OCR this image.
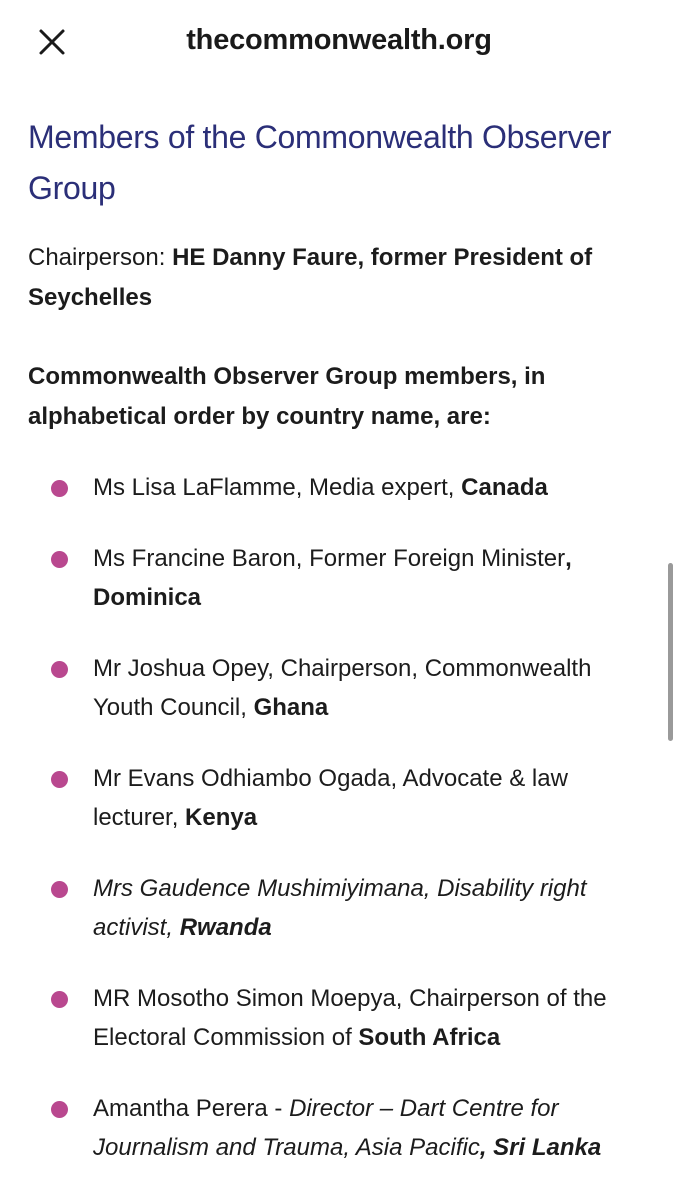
thecommonwealth.org
Members of the Commonwealth Observer Group
Chairperson: HE Danny Faure, former President of Seychelles
Commonwealth Observer Group members, in alphabetical order by country name, are:
Ms Lisa LaFlamme, Media expert, Canada
Ms Francine Baron, Former Foreign Minister, Dominica
Mr Joshua Opey, Chairperson, Commonwealth Youth Council, Ghana
Mr Evans Odhiambo Ogada, Advocate & law lecturer, Kenya
Mrs Gaudence Mushimiyimana, Disability right activist, Rwanda
MR Mosotho Simon Moepya, Chairperson of the Electoral Commission of South Africa
Amantha Perera - Director – Dart Centre for Journalism and Trauma, Asia Pacific, Sri Lanka
